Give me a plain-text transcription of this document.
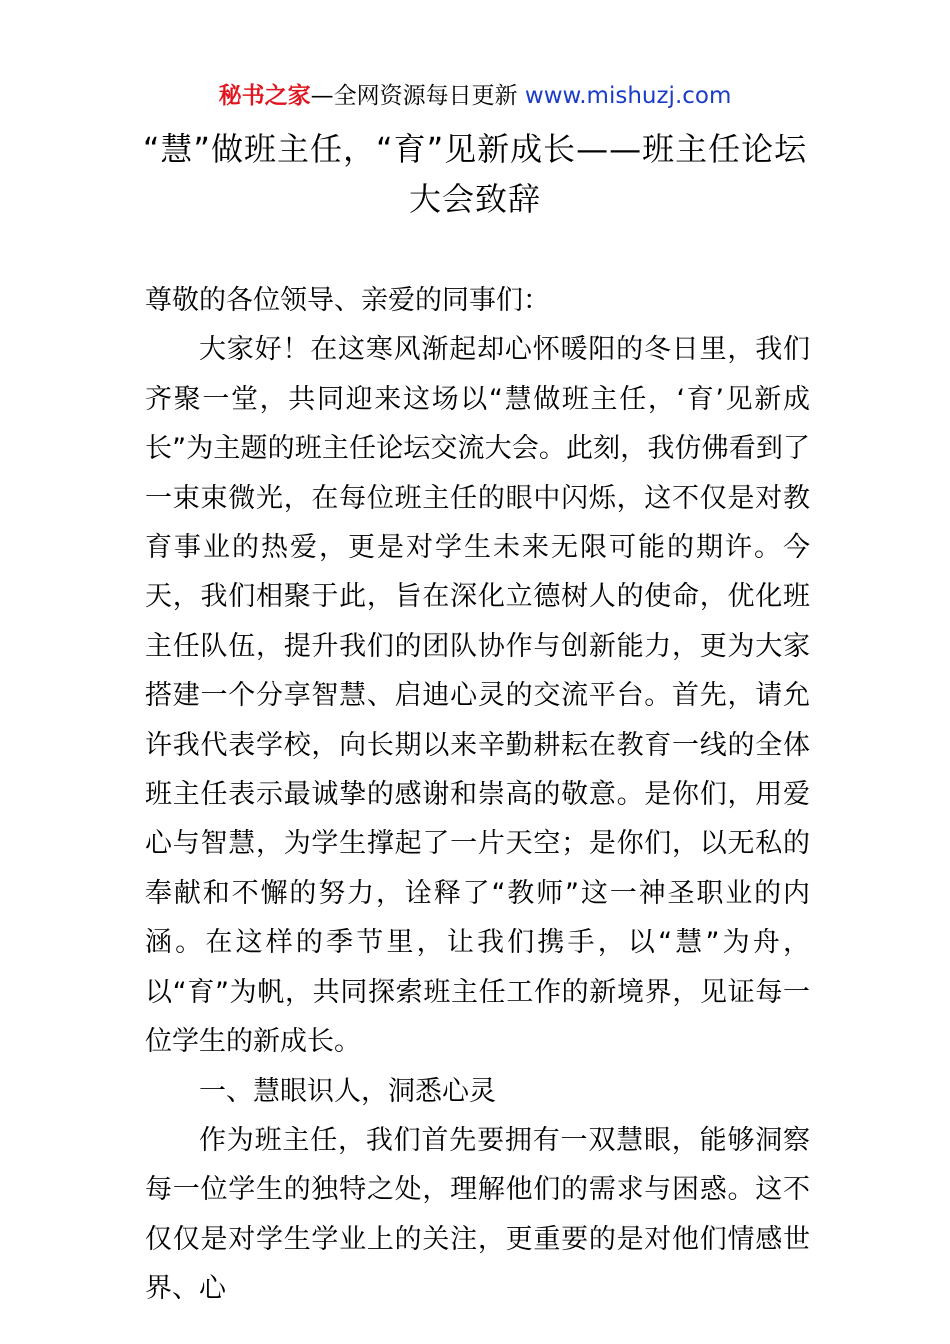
秘书之家—全网资源每日更新 www.mishuzj.com
“慧”做班主任，“育”见新成长——班主任论坛大会致辞

尊敬的各位领导、亲爱的同事们：

大家好！在这寒风渐起却心怀暖阳的冬日里，我们齐聚一堂，共同迎来这场以“慧做班主任，‘育’见新成长”为主题的班主任论坛交流大会。此刻，我仿佛看到了一束束微光，在每位班主任的眼中闪烁，这不仅是对教育事业的热爱，更是对学生未来无限可能的期许。今天，我们相聚于此，旨在深化立德树人的使命，优化班主任队伍，提升我们的团队协作与创新能力，更为大家搭建一个分享智慧、启迪心灵的交流平台。首先，请允许我代表学校，向长期以来辛勤耕耘在教育一线的全体班主任表示最诚挚的感谢和崇高的敬意。是你们，用爱心与智慧，为学生撑起了一片天空；是你们，以无私的奉献和不懈的努力，诠释了“教师”这一神圣职业的内涵。在这样的季节里，让我们携手，以“慧”为舟，以“育”为帆，共同探索班主任工作的新境界，见证每一位学生的新成长。

一、慧眼识人，洞悉心灵

作为班主任，我们首先要拥有一双慧眼，能够洞察每一位学生的独特之处，理解他们的需求与困惑。这不仅仅是对学生学业上的关注，更重要的是对他们情感世界、心
